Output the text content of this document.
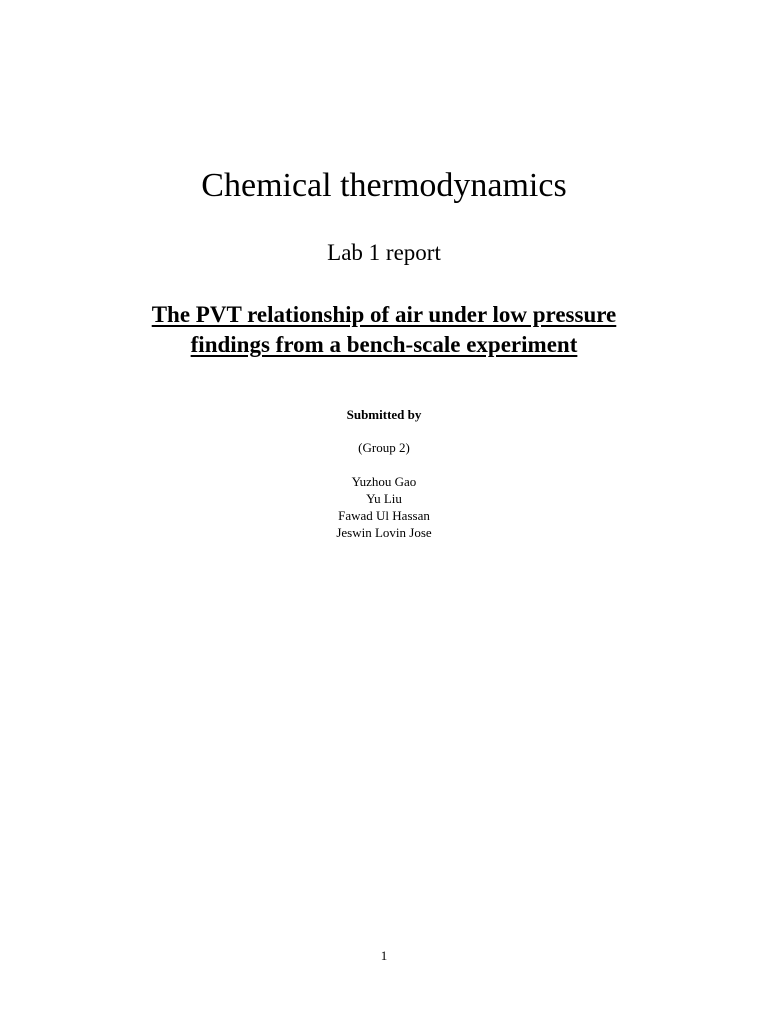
Chemical thermodynamics
Lab 1 report
The PVT relationship of air under low pressure
findings from a bench-scale experiment
Submitted by
(Group 2)
Yuzhou Gao
Yu Liu
Fawad Ul Hassan
Jeswin Lovin Jose
1
